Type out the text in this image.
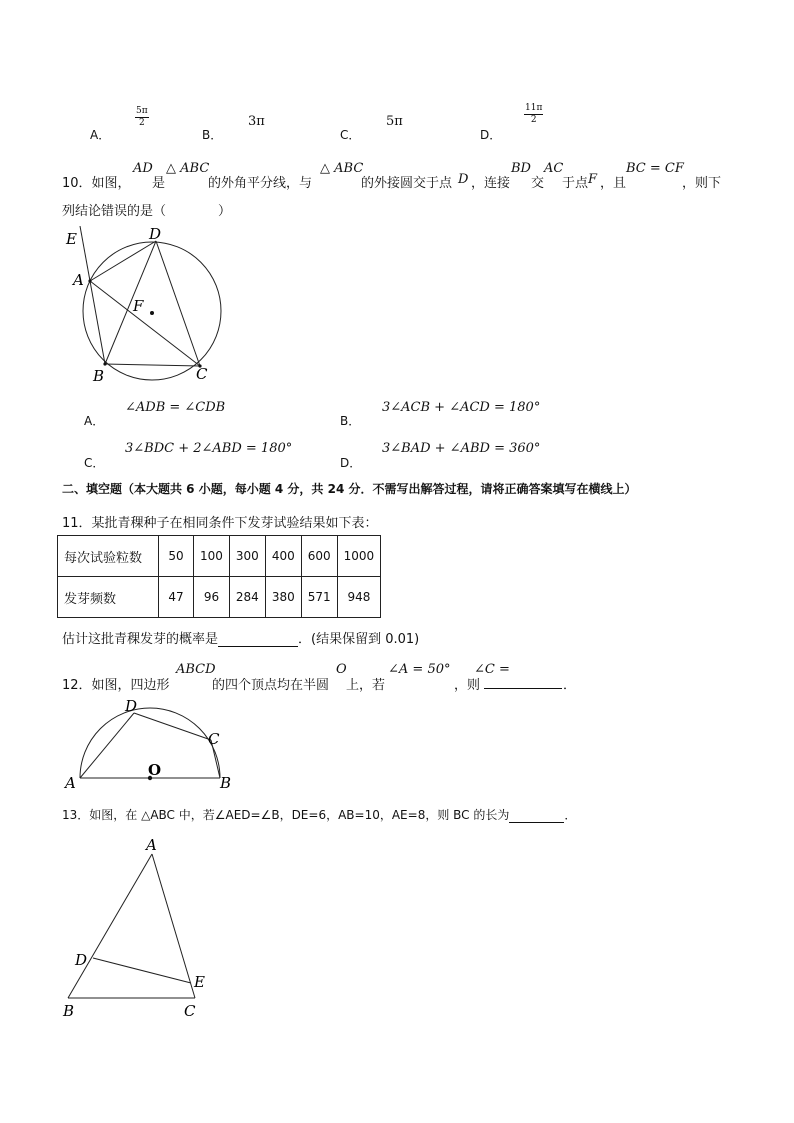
A．
$\frac{5\pi}{2}$
B．
3π
C．
5π
D．
$\frac{11\pi}{2}$
10．如图，
AD
是
△ ABC
的外角平分线，与
△ ABC
的外接圆交于点 D ，连接
BD AC
交 于点 F ，且
BC = CF
，则下
列结论错误的是（　　　　）
E	D
A
F
B	C
A．
∠ADB = ∠CDB
B．
3∠ACB + ∠ACD = 180°
C．
3∠BDC + 2∠ABD = 180°
D．
3∠BAD + ∠ABD = 360°
二、填空题（本大题共 6 小题，每小题 4 分，共 24 分．不需写出解答过程，请将正确答案填写在横线上）
11．某批青稞种子在相同条件下发芽试验结果如下表：
每次试验粒数	50	100	300	400	600	1000
发芽频数	47	96	284	380	571	948
估计这批青稞发芽的概率是	．(结果保留到 0.01)
12．如图，四边形
ABCD
的四个顶点均在半圆
O
上，若
∠A = 50°
，则
∠C =
．
A	B
C
D
O
13．如图，在 △ABC 中，若∠AED=∠B，DE=6，AB=10，AE=8，则 BC 的长为	．
A
D
E
B	C
